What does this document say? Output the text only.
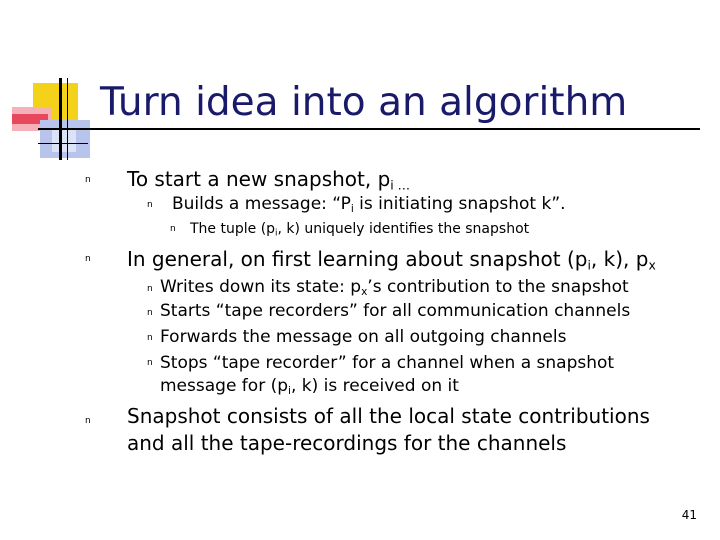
Turn idea into an algorithm
n To start a new snapshot, $p_{i \dots}$
n Builds a message: “$P_i$ is initiating snapshot k”.
n The tuple ($p_i$, k) uniquely identifies the snapshot
n In general, on first learning about snapshot ($p_i$, k), $p_x$
n Writes down its state: $p_x’s$ contribution to the snapshot
n Starts “tape recorders” for all communication channels
n Forwards the message on all outgoing channels
n Stops “tape recorder” for a channel when a snapshot
message for ($p_i$, k) is received on it
n Snapshot consists of all the local state contributions
and all the tape-recordings for the channels
41
